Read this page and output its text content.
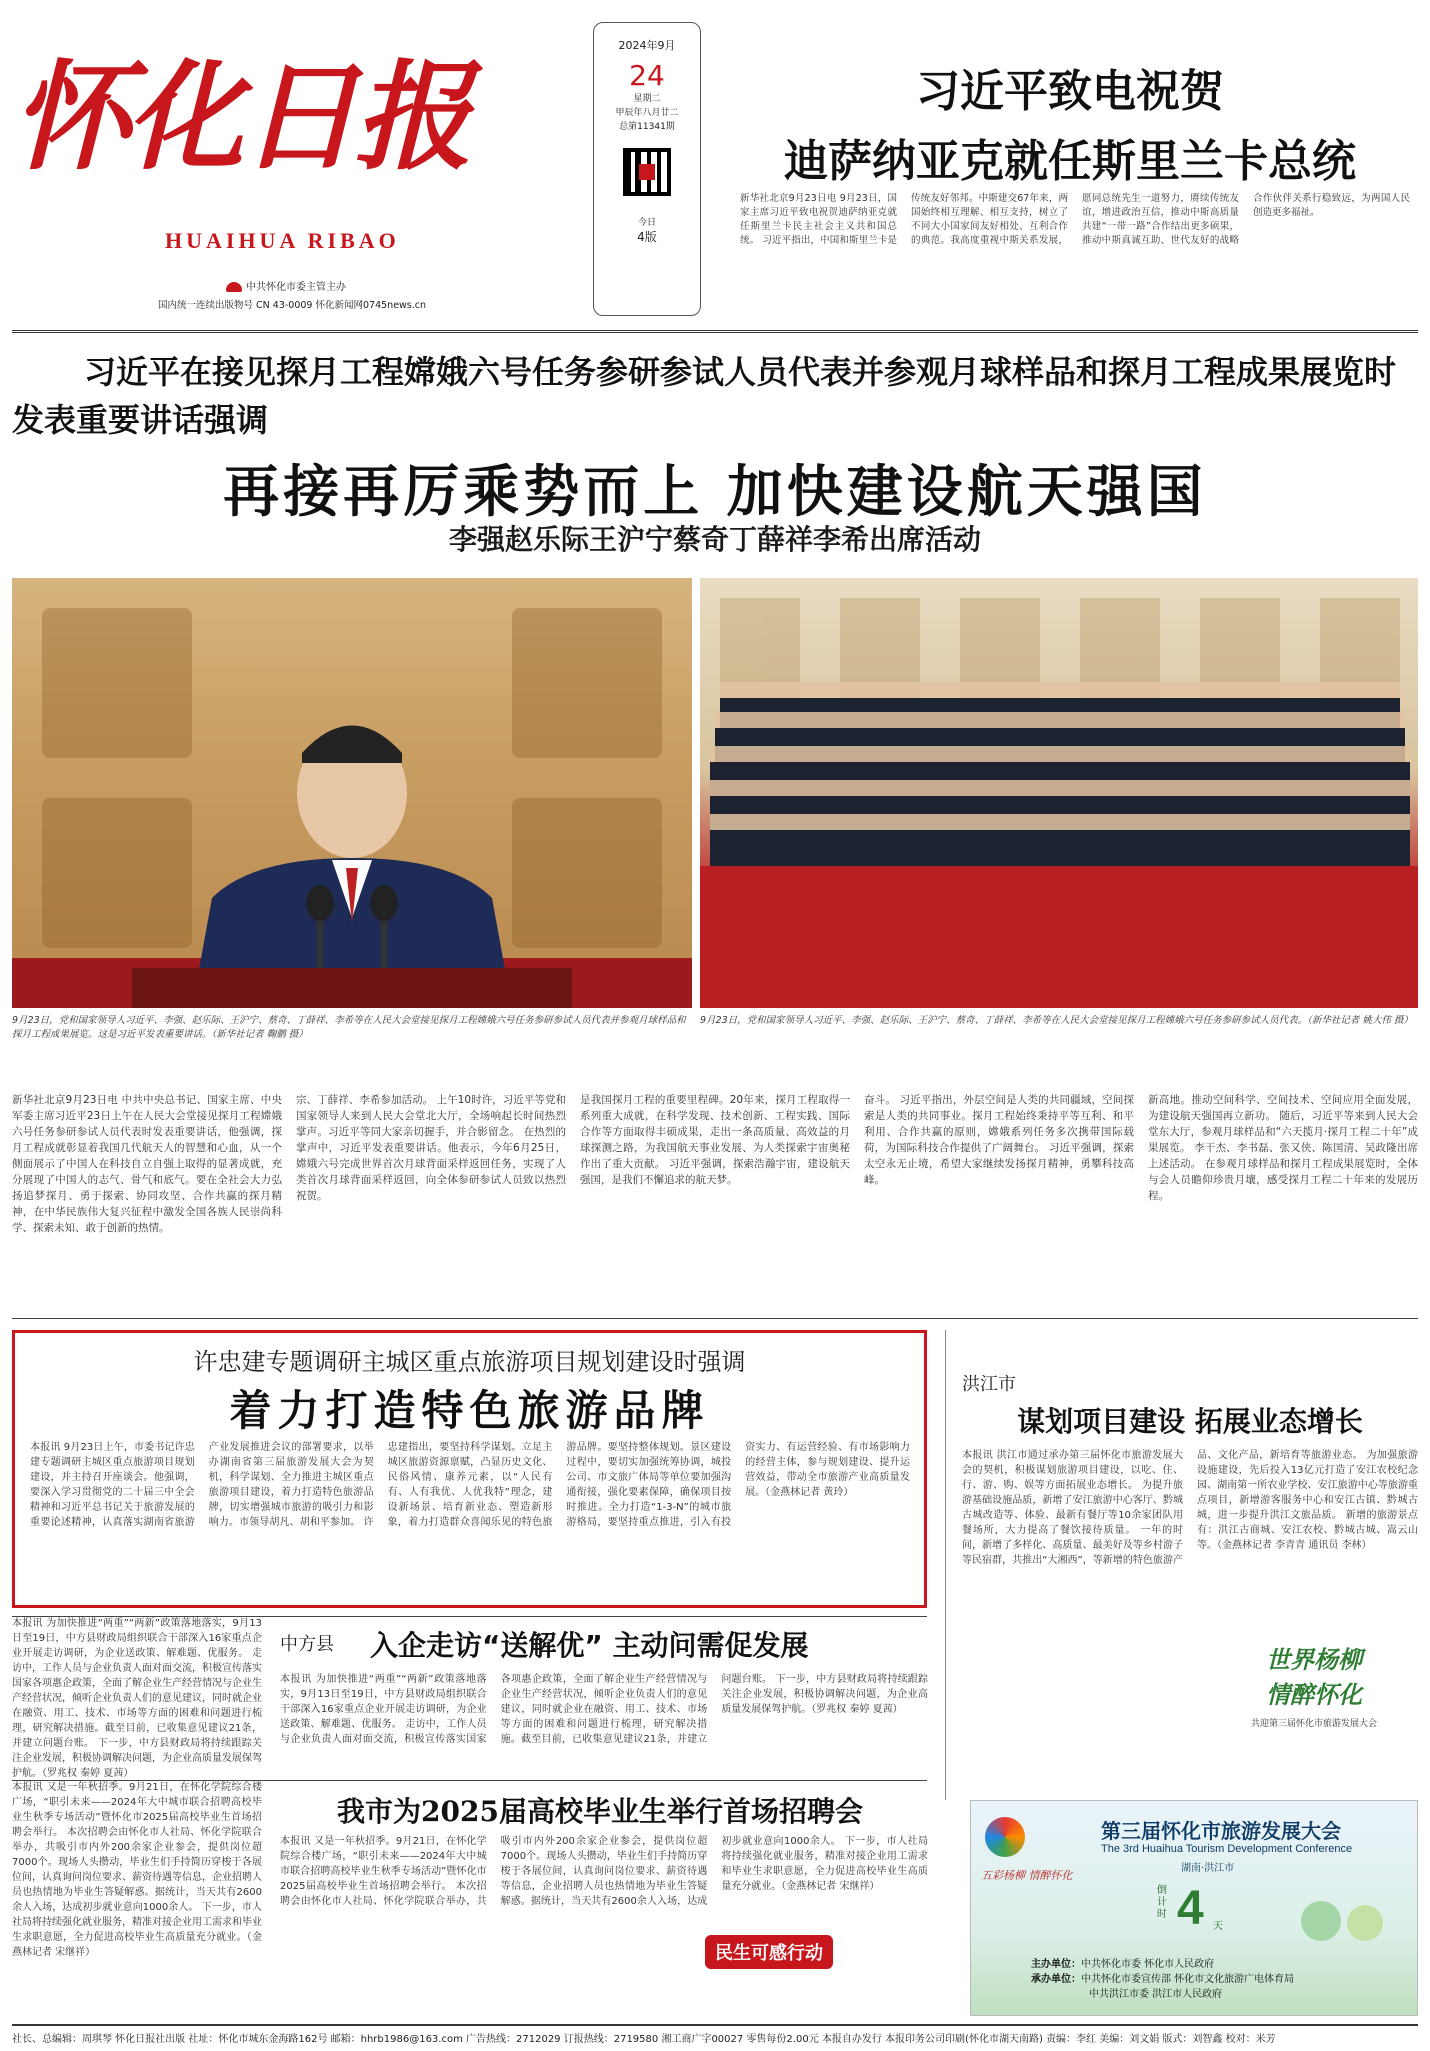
怀化日报
HUAIHUA RIBAO
中共怀化市委主管主办
国内统一连续出版物号 CN 43-0009 怀化新闻网0745news.cn
2024年9月
24
星期二
甲辰年八月廿二
总第11341期
今日
4版
习近平致电祝贺
迪萨纳亚克就任斯里兰卡总统
新华社北京9月23日电 9月23日，国家主席习近平致电祝贺迪萨纳亚克就任斯里兰卡民主社会主义共和国总统。 习近平指出，中国和斯里兰卡是传统友好邻邦。中斯建交67年来，两国始终相互理解、相互支持，树立了不同大小国家间友好相处、互利合作的典范。我高度重视中斯关系发展，愿同总统先生一道努力，赓续传统友谊，增进政治互信，推动中斯高质量共建“一带一路”合作结出更多硕果，推动中斯真诚互助、世代友好的战略合作伙伴关系行稳致远，为两国人民创造更多福祉。
习近平在接见探月工程嫦娥六号任务参研参试人员代表并参观月球样品和探月工程成果展览时发表重要讲话强调
再接再厉乘势而上 加快建设航天强国
李强赵乐际王沪宁蔡奇丁薛祥李希出席活动
9月23日，党和国家领导人习近平、李强、赵乐际、王沪宁、蔡奇、丁薛祥、李希等在人民大会堂接见探月工程嫦娥六号任务参研参试人员代表并参观月球样品和探月工程成果展览。这是习近平发表重要讲话。（新华社记者 鞠鹏 摄）
9月23日，党和国家领导人习近平、李强、赵乐际、王沪宁、蔡奇、丁薛祥、李希等在人民大会堂接见探月工程嫦娥六号任务参研参试人员代表。（新华社记者 姚大伟 摄）
新华社北京9月23日电 中共中央总书记、国家主席、中央军委主席习近平23日上午在人民大会堂接见探月工程嫦娥六号任务参研参试人员代表时发表重要讲话，他强调，探月工程成就彰显着我国几代航天人的智慧和心血，从一个侧面展示了中国人在科技自立自强上取得的显著成就，充分展现了中国人的志气、骨气和底气。要在全社会大力弘扬追梦探月、勇于探索、协同攻坚、合作共赢的探月精神，在中华民族伟大复兴征程中激发全国各族人民崇尚科学、探索未知、敢于创新的热情。
宗、丁薛祥、李希参加活动。 上午10时许，习近平等党和国家领导人来到人民大会堂北大厅，全场响起长时间热烈掌声。习近平等同大家亲切握手，并合影留念。 在热烈的掌声中，习近平发表重要讲话。他表示，今年6月25日，嫦娥六号完成世界首次月球背面采样返回任务，实现了人类首次月球背面采样返回，向全体参研参试人员致以热烈祝贺。
是我国探月工程的重要里程碑。20年来，探月工程取得一系列重大成就，在科学发现、技术创新、工程实践、国际合作等方面取得丰硕成果，走出一条高质量、高效益的月球探测之路，为我国航天事业发展、为人类探索宇宙奥秘作出了重大贡献。 习近平强调，探索浩瀚宇宙，建设航天强国，是我们不懈追求的航天梦。
奋斗。 习近平指出，外层空间是人类的共同疆域，空间探索是人类的共同事业。探月工程始终秉持平等互利、和平利用、合作共赢的原则，嫦娥系列任务多次携带国际载荷，为国际科技合作提供了广阔舞台。 习近平强调，探索太空永无止境，希望大家继续发扬探月精神，勇攀科技高峰。
新高地。推动空间科学、空间技术、空间应用全面发展，为建设航天强国再立新功。 随后，习近平等来到人民大会堂东大厅，参观月球样品和“六天揽月·探月工程二十年”成果展览。 李干杰、李书磊、张又侠、陈国清、吴政隆出席上述活动。 在参观月球样品和探月工程成果展览时，全体与会人员瞻仰珍贵月壤，感受探月工程二十年来的发展历程。
许忠建专题调研主城区重点旅游项目规划建设时强调
着力打造特色旅游品牌
本报讯 9月23日上午，市委书记许忠建专题调研主城区重点旅游项目规划建设，并主持召开座谈会。他强调，要深入学习贯彻党的二十届三中全会精神和习近平总书记关于旅游发展的重要论述精神，认真落实湖南省旅游产业发展推进会议的部署要求，以举办湖南省第三届旅游发展大会为契机，科学谋划、全力推进主城区重点旅游项目建设，着力打造特色旅游品牌，切实增强城市旅游的吸引力和影响力。市领导胡凡、胡和平参加。 许忠建指出，要坚持科学谋划。立足主城区旅游资源禀赋，凸显历史文化、民俗风情、康养元素，以“人民有有、人有我优、人优我特”理念，建设新场景、培育新业态、塑造新形象，着力打造群众喜闻乐见的特色旅游品牌。要坚持整体规划。景区建设过程中，要切实加强统筹协调，城投公司、市文旅广体局等单位要加强沟通衔接，强化要素保障，确保项目按时推进。全力打造“1-3-N”的城市旅游格局，要坚持重点推进，引入有投资实力、有运营经验、有市场影响力的经营主体，参与规划建设、提升运营效益，带动全市旅游产业高质量发展。（金燕林记者 黄玲）
洪江市
谋划项目建设 拓展业态增长
本报讯 洪江市通过承办第三届怀化市旅游发展大会的契机，积极谋划旅游项目建设，以吃、住、行、游、购、娱等方面拓展业态增长。 为提升旅游基础设施品质，新增了安江旅游中心客厅、黔城古城改造等、体验、最新有餐厅等10余家团队用餐场所，大力提高了餐饮接待质量。 一年的时间，新增了多样化、高质量、最美好及等乡村游子等民宿群，共推出“大湘西”，等新增的特色旅游产品、文化产品，新培育等旅游业态。 为加强旅游设施建设，先后投入13亿元打造了安江农校纪念园、湖南第一所农业学校、安江旅游中心等旅游重点项目，新增游客服务中心和安江古镇、黔城古城，进一步提升洪江文旅品质。 新增的旅游景点有：洪江古商城、安江农校、黔城古城、嵩云山等。（金燕林记者 李青青 通讯员 李林）
中方县 入企走访“送解优” 主动问需促发展
本报讯 为加快推进“两重”“两新”政策落地落实，9月13日至19日，中方县财政局组织联合干部深入16家重点企业开展走访调研，为企业送政策、解难题、优服务。 走访中，工作人员与企业负责人面对面交流，积极宣传落实国家各项惠企政策，全面了解企业生产经营情况与企业生产经营状况，倾听企业负责人们的意见建议，同时就企业在融资、用工、技术、市场等方面的困难和问题进行梳理，研究解决措施。截至目前，已收集意见建议21条，并建立问题台账。 下一步，中方县财政局将持续跟踪关注企业发展，积极协调解决问题，为企业高质量发展保驾护航。（罗兆权 秦婷 夏茜）
本报讯 为加快推进“两重”“两新”政策落地落实，9月13日至19日，中方县财政局组织联合干部深入16家重点企业开展走访调研，为企业送政策、解难题、优服务。 走访中，工作人员与企业负责人面对面交流，积极宣传落实国家各项惠企政策，全面了解企业生产经营情况与企业生产经营状况，倾听企业负责人们的意见建议，同时就企业在融资、用工、技术、市场等方面的困难和问题进行梳理，研究解决措施。截至目前，已收集意见建议21条，并建立问题台账。 下一步，中方县财政局将持续跟踪关注企业发展，积极协调解决问题，为企业高质量发展保驾护航。（罗兆权 秦婷 夏茜）
我市为2025届高校毕业生举行首场招聘会
本报讯 又是一年秋招季。9月21日，在怀化学院综合楼广场，“职引未来——2024年大中城市联合招聘高校毕业生秋季专场活动”暨怀化市2025届高校毕业生首场招聘会举行。 本次招聘会由怀化市人社局、怀化学院联合举办，共吸引市内外200余家企业参会，提供岗位超7000个。现场人头攒动，毕业生们手持简历穿梭于各展位间，认真询问岗位要求、薪资待遇等信息，企业招聘人员也热情地为毕业生答疑解惑。据统计，当天共有2600余人入场，达成初步就业意向1000余人。 下一步，市人社局将持续强化就业服务，精准对接企业用工需求和毕业生求职意愿，全力促进高校毕业生高质量充分就业。（金燕林记者 宋继祥）
本报讯 又是一年秋招季。9月21日，在怀化学院综合楼广场，“职引未来——2024年大中城市联合招聘高校毕业生秋季专场活动”暨怀化市2025届高校毕业生首场招聘会举行。 本次招聘会由怀化市人社局、怀化学院联合举办，共吸引市内外200余家企业参会，提供岗位超7000个。现场人头攒动，毕业生们手持简历穿梭于各展位间，认真询问岗位要求、薪资待遇等信息，企业招聘人员也热情地为毕业生答疑解惑。据统计，当天共有2600余人入场，达成初步就业意向1000余人。 下一步，市人社局将持续强化就业服务，精准对接企业用工需求和毕业生求职意愿，全力促进高校毕业生高质量充分就业。（金燕林记者 宋继祥）
民生可感行动
世界杨柳
情醉怀化
共迎第三届怀化市旅游发展大会
第三届怀化市旅游发展大会
The 3rd Huaihua Tourism Development Conference
湖南·洪江市
五彩杨柳 情醉怀化
倒计时 4 天
主办单位：中共怀化市委 怀化市人民政府
承办单位：中共怀化市委宣传部 怀化市文化旅游广电体育局
中共洪江市委 洪江市人民政府
社长、总编辑：周琪琴 怀化日报社出版 社址：怀化市城东金海路162号 邮箱：hhrb1986@163.com 广告热线：2712029 订报热线：2719580 湘工商广字00027 零售每份2.00元 本报自办发行 本报印务公司印刷(怀化市湖天南路) 责编：李红 美编：刘文娟 版式：刘智鑫 校对：米芳
